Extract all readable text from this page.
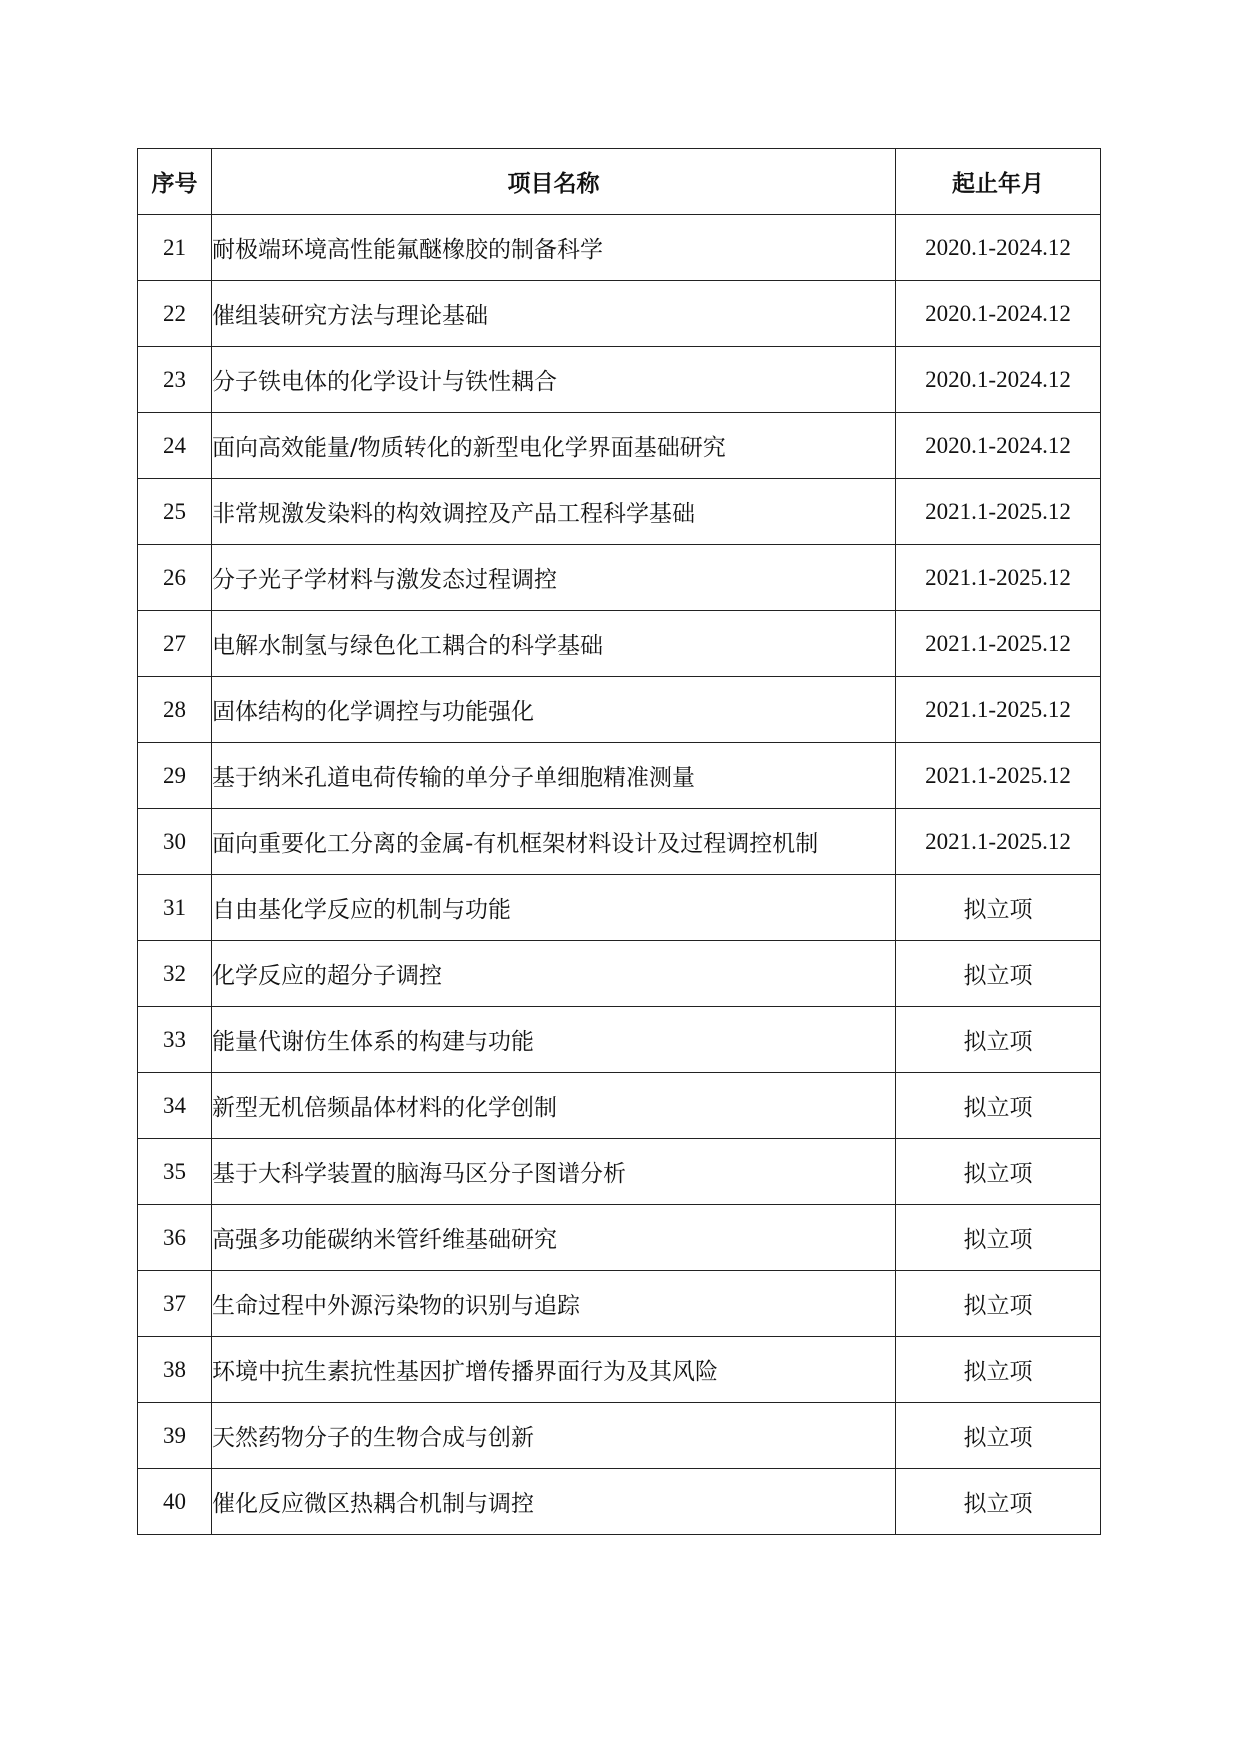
序号	项目名称	起止年月
21	耐极端环境高性能氟醚橡胶的制备科学	2020.1-2024.12
22	催组装研究方法与理论基础	2020.1-2024.12
23	分子铁电体的化学设计与铁性耦合	2020.1-2024.12
24	面向高效能量/物质转化的新型电化学界面基础研究	2020.1-2024.12
25	非常规激发染料的构效调控及产品工程科学基础	2021.1-2025.12
26	分子光子学材料与激发态过程调控	2021.1-2025.12
27	电解水制氢与绿色化工耦合的科学基础	2021.1-2025.12
28	固体结构的化学调控与功能强化	2021.1-2025.12
29	基于纳米孔道电荷传输的单分子单细胞精准测量	2021.1-2025.12
30	面向重要化工分离的金属-有机框架材料设计及过程调控机制	2021.1-2025.12
31	自由基化学反应的机制与功能	拟立项
32	化学反应的超分子调控	拟立项
33	能量代谢仿生体系的构建与功能	拟立项
34	新型无机倍频晶体材料的化学创制	拟立项
35	基于大科学装置的脑海马区分子图谱分析	拟立项
36	高强多功能碳纳米管纤维基础研究	拟立项
37	生命过程中外源污染物的识别与追踪	拟立项
38	环境中抗生素抗性基因扩增传播界面行为及其风险	拟立项
39	天然药物分子的生物合成与创新	拟立项
40	催化反应微区热耦合机制与调控	拟立项
